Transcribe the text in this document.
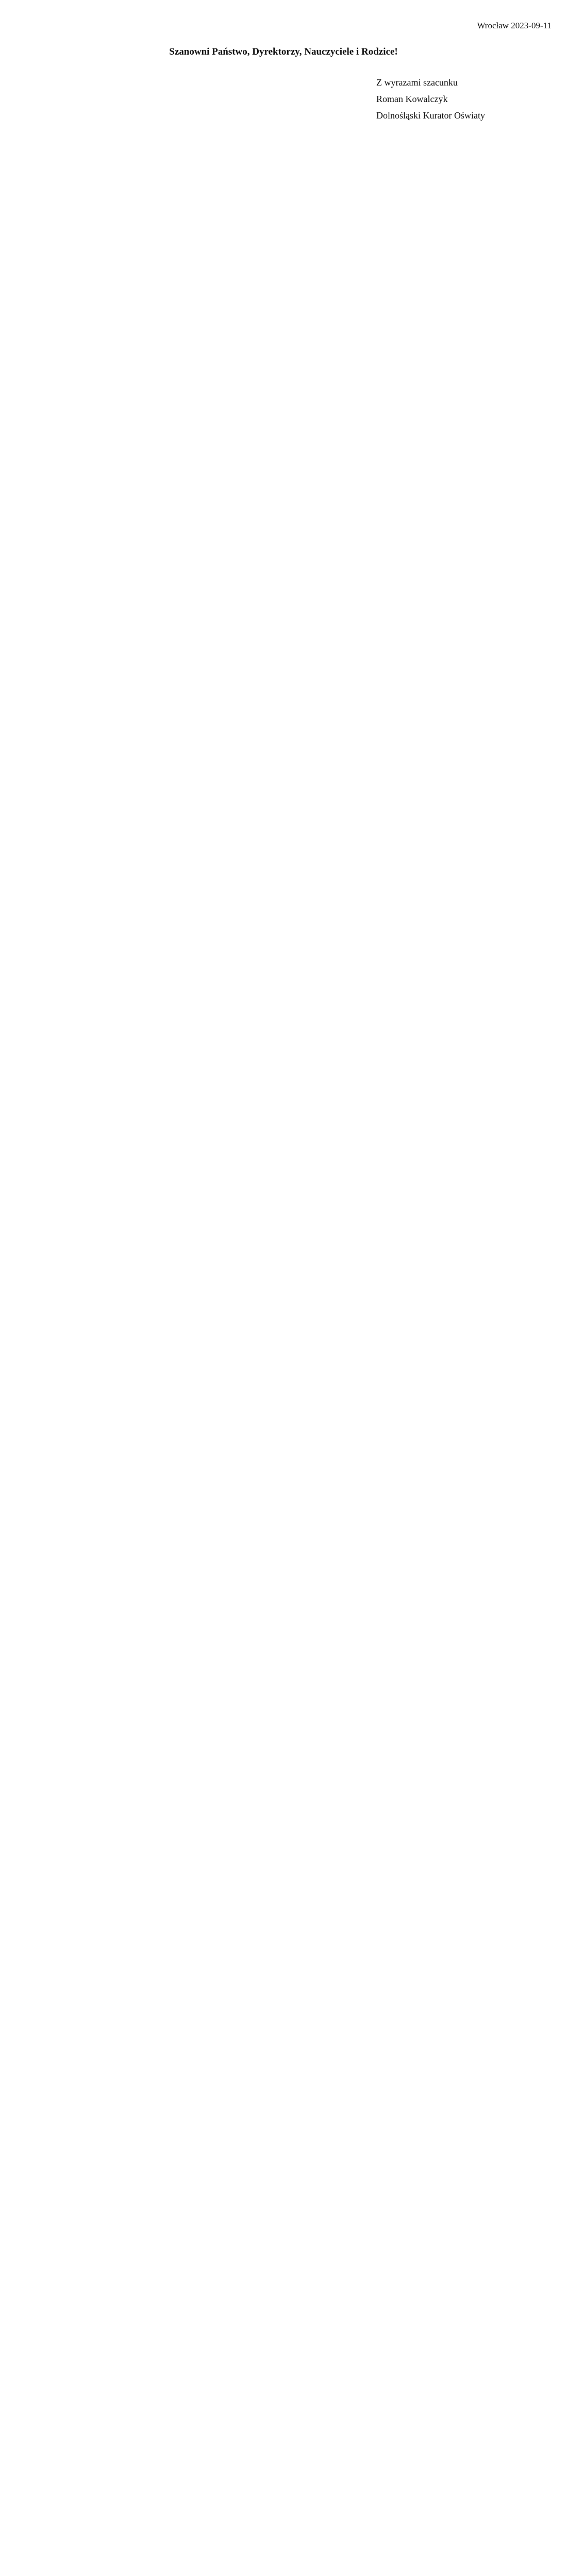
Wrocław 2023-09-11
Szanowni Państwo, Dyrektorzy, Nauczyciele i Rodzice!
Z wyrazami szacunku
Roman Kowalczyk
Dolnośląski Kurator Oświaty
